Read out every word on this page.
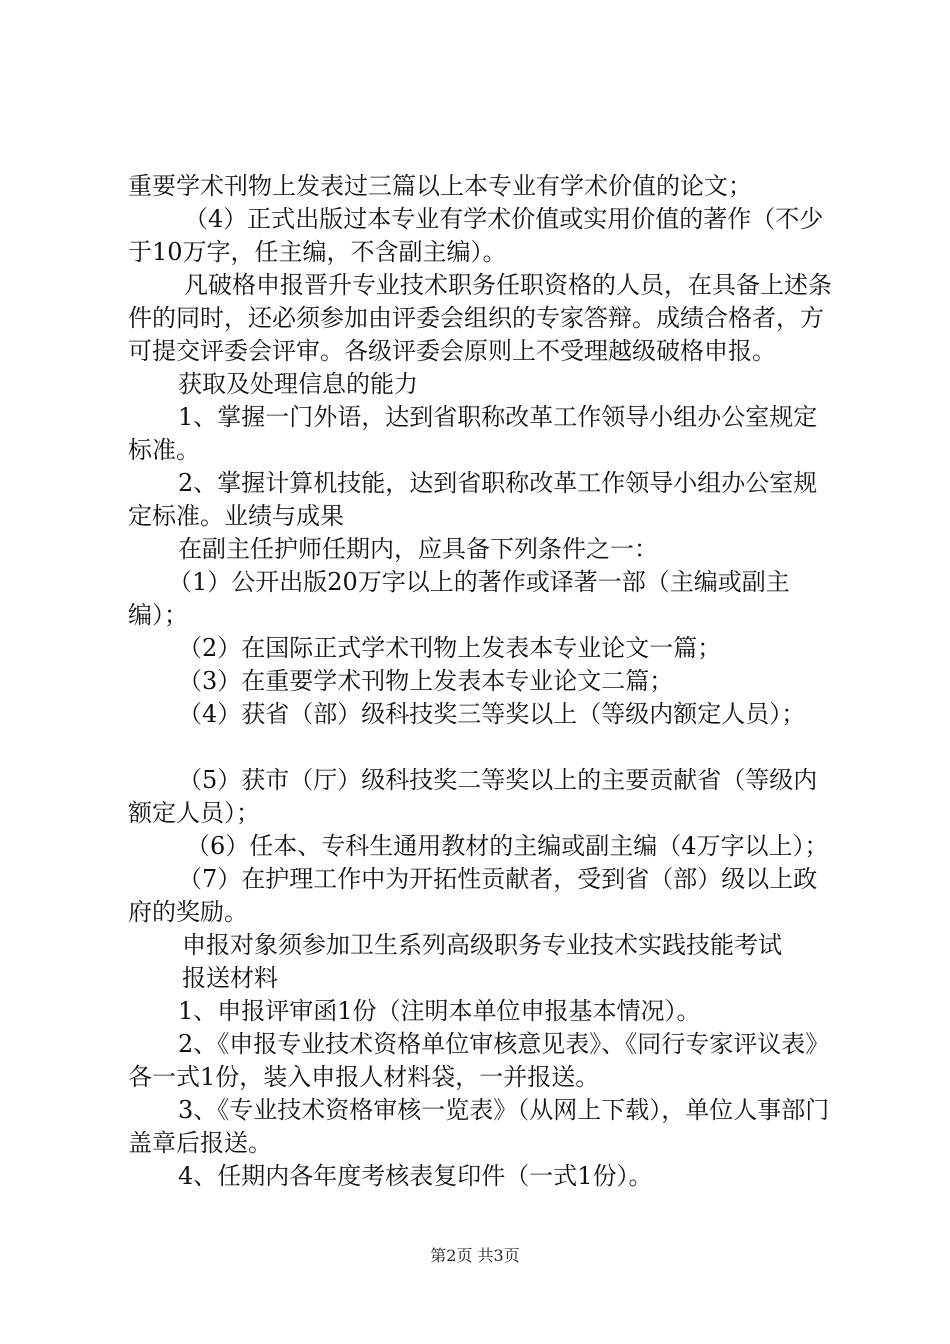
重要学术刊物上发表过三篇以上本专业有学术价值的论文；

（4）正式出版过本专业有学术价值或实用价值的著作（不少于10万字，任主编，不含副主编）。

凡破格申报晋升专业技术职务任职资格的人员，在具备上述条件的同时，还必须参加由评委会组织的专家答辩。成绩合格者，方可提交评委会评审。各级评委会原则上不受理越级破格申报。

获取及处理信息的能力

1、掌握一门外语，达到省职称改革工作领导小组办公室规定标准。

2、掌握计算机技能，达到省职称改革工作领导小组办公室规定标准。业绩与成果

在副主任护师任期内，应具备下列条件之一：

（1）公开出版20万字以上的著作或译著一部（主编或副主编）；

（2）在国际正式学术刊物上发表本专业论文一篇；

（3）在重要学术刊物上发表本专业论文二篇；

（4）获省（部）级科技奖三等奖以上（等级内额定人员）；

（5）获市（厅）级科技奖二等奖以上的主要贡献省（等级内额定人员）；

（6）任本、专科生通用教材的主编或副主编（4万字以上）；

（7）在护理工作中为开拓性贡献者，受到省（部）级以上政府的奖励。

申报对象须参加卫生系列高级职务专业技术实践技能考试

报送材料

1、申报评审函1份（注明本单位申报基本情况）。

2、《申报专业技术资格单位审核意见表》、《同行专家评议表》各一式1份，装入申报人材料袋，一并报送。

3、《专业技术资格审核一览表》（从网上下载），单位人事部门盖章后报送。

4、任期内各年度考核表复印件（一式1份）。

第2页 共3页
